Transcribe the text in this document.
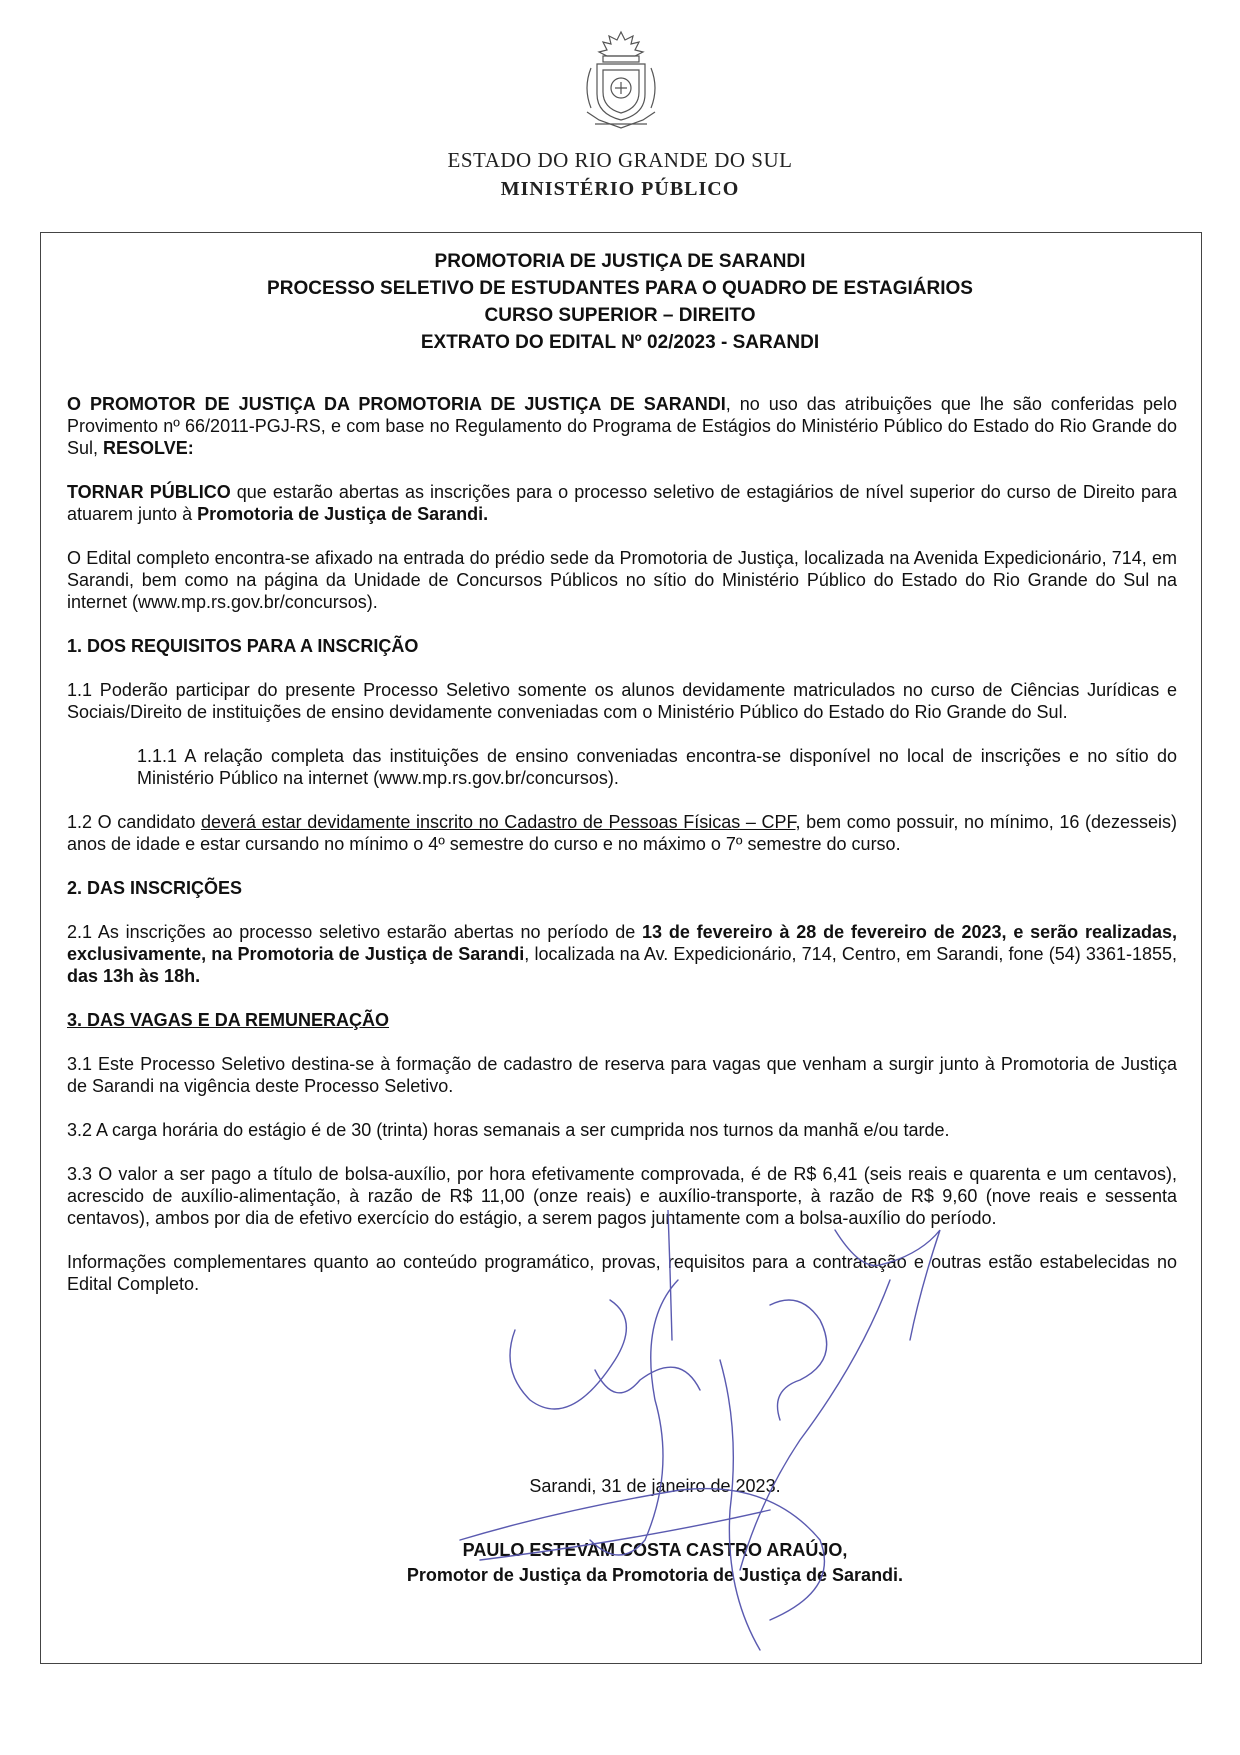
ESTADO DO RIO GRANDE DO SUL
MINISTÉRIO PÚBLICO
PROMOTORIA DE JUSTIÇA DE SARANDI
PROCESSO SELETIVO DE ESTUDANTES PARA O QUADRO DE ESTAGIÁRIOS
CURSO SUPERIOR – DIREITO
EXTRATO DO EDITAL Nº 02/2023 - SARANDI

O PROMOTOR DE JUSTIÇA DA PROMOTORIA DE JUSTIÇA DE SARANDI, no uso das atribuições que lhe são conferidas pelo Provimento nº 66/2011-PGJ-RS, e com base no Regulamento do Programa de Estágios do Ministério Público do Estado do Rio Grande do Sul, RESOLVE:

TORNAR PÚBLICO que estarão abertas as inscrições para o processo seletivo de estagiários de nível superior do curso de Direito para atuarem junto à Promotoria de Justiça de Sarandi.

O Edital completo encontra-se afixado na entrada do prédio sede da Promotoria de Justiça, localizada na Avenida Expedicionário, 714, em Sarandi, bem como na página da Unidade de Concursos Públicos no sítio do Ministério Público do Estado do Rio Grande do Sul na internet (www.mp.rs.gov.br/concursos).

1. DOS REQUISITOS PARA A INSCRIÇÃO

1.1 Poderão participar do presente Processo Seletivo somente os alunos devidamente matriculados no curso de Ciências Jurídicas e Sociais/Direito de instituições de ensino devidamente conveniadas com o Ministério Público do Estado do Rio Grande do Sul.

1.1.1 A relação completa das instituições de ensino conveniadas encontra-se disponível no local de inscrições e no sítio do Ministério Público na internet (www.mp.rs.gov.br/concursos).

1.2 O candidato deverá estar devidamente inscrito no Cadastro de Pessoas Físicas – CPF, bem como possuir, no mínimo, 16 (dezesseis) anos de idade e estar cursando no mínimo o 4º semestre do curso e no máximo o 7º semestre do curso.

2. DAS INSCRIÇÕES

2.1 As inscrições ao processo seletivo estarão abertas no período de 13 de fevereiro à 28 de fevereiro de 2023, e serão realizadas, exclusivamente, na Promotoria de Justiça de Sarandi, localizada na Av. Expedicionário, 714, Centro, em Sarandi, fone (54) 3361-1855, das 13h às 18h.

3. DAS VAGAS E DA REMUNERAÇÃO

3.1 Este Processo Seletivo destina-se à formação de cadastro de reserva para vagas que venham a surgir junto à Promotoria de Justiça de Sarandi na vigência deste Processo Seletivo.

3.2 A carga horária do estágio é de 30 (trinta) horas semanais a ser cumprida nos turnos da manhã e/ou tarde.

3.3 O valor a ser pago a título de bolsa-auxílio, por hora efetivamente comprovada, é de R$ 6,41 (seis reais e quarenta e um centavos), acrescido de auxílio-alimentação, à razão de R$ 11,00 (onze reais) e auxílio-transporte, à razão de R$ 9,60 (nove reais e sessenta centavos), ambos por dia de efetivo exercício do estágio, a serem pagos juntamente com a bolsa-auxílio do período.

Informações complementares quanto ao conteúdo programático, provas, requisitos para a contratação e outras estão estabelecidas no Edital Completo.

Sarandi, 31 de janeiro de 2023.
PAULO ESTEVAM COSTA CASTRO ARAÚJO,
Promotor de Justiça da Promotoria de Justiça de Sarandi.
